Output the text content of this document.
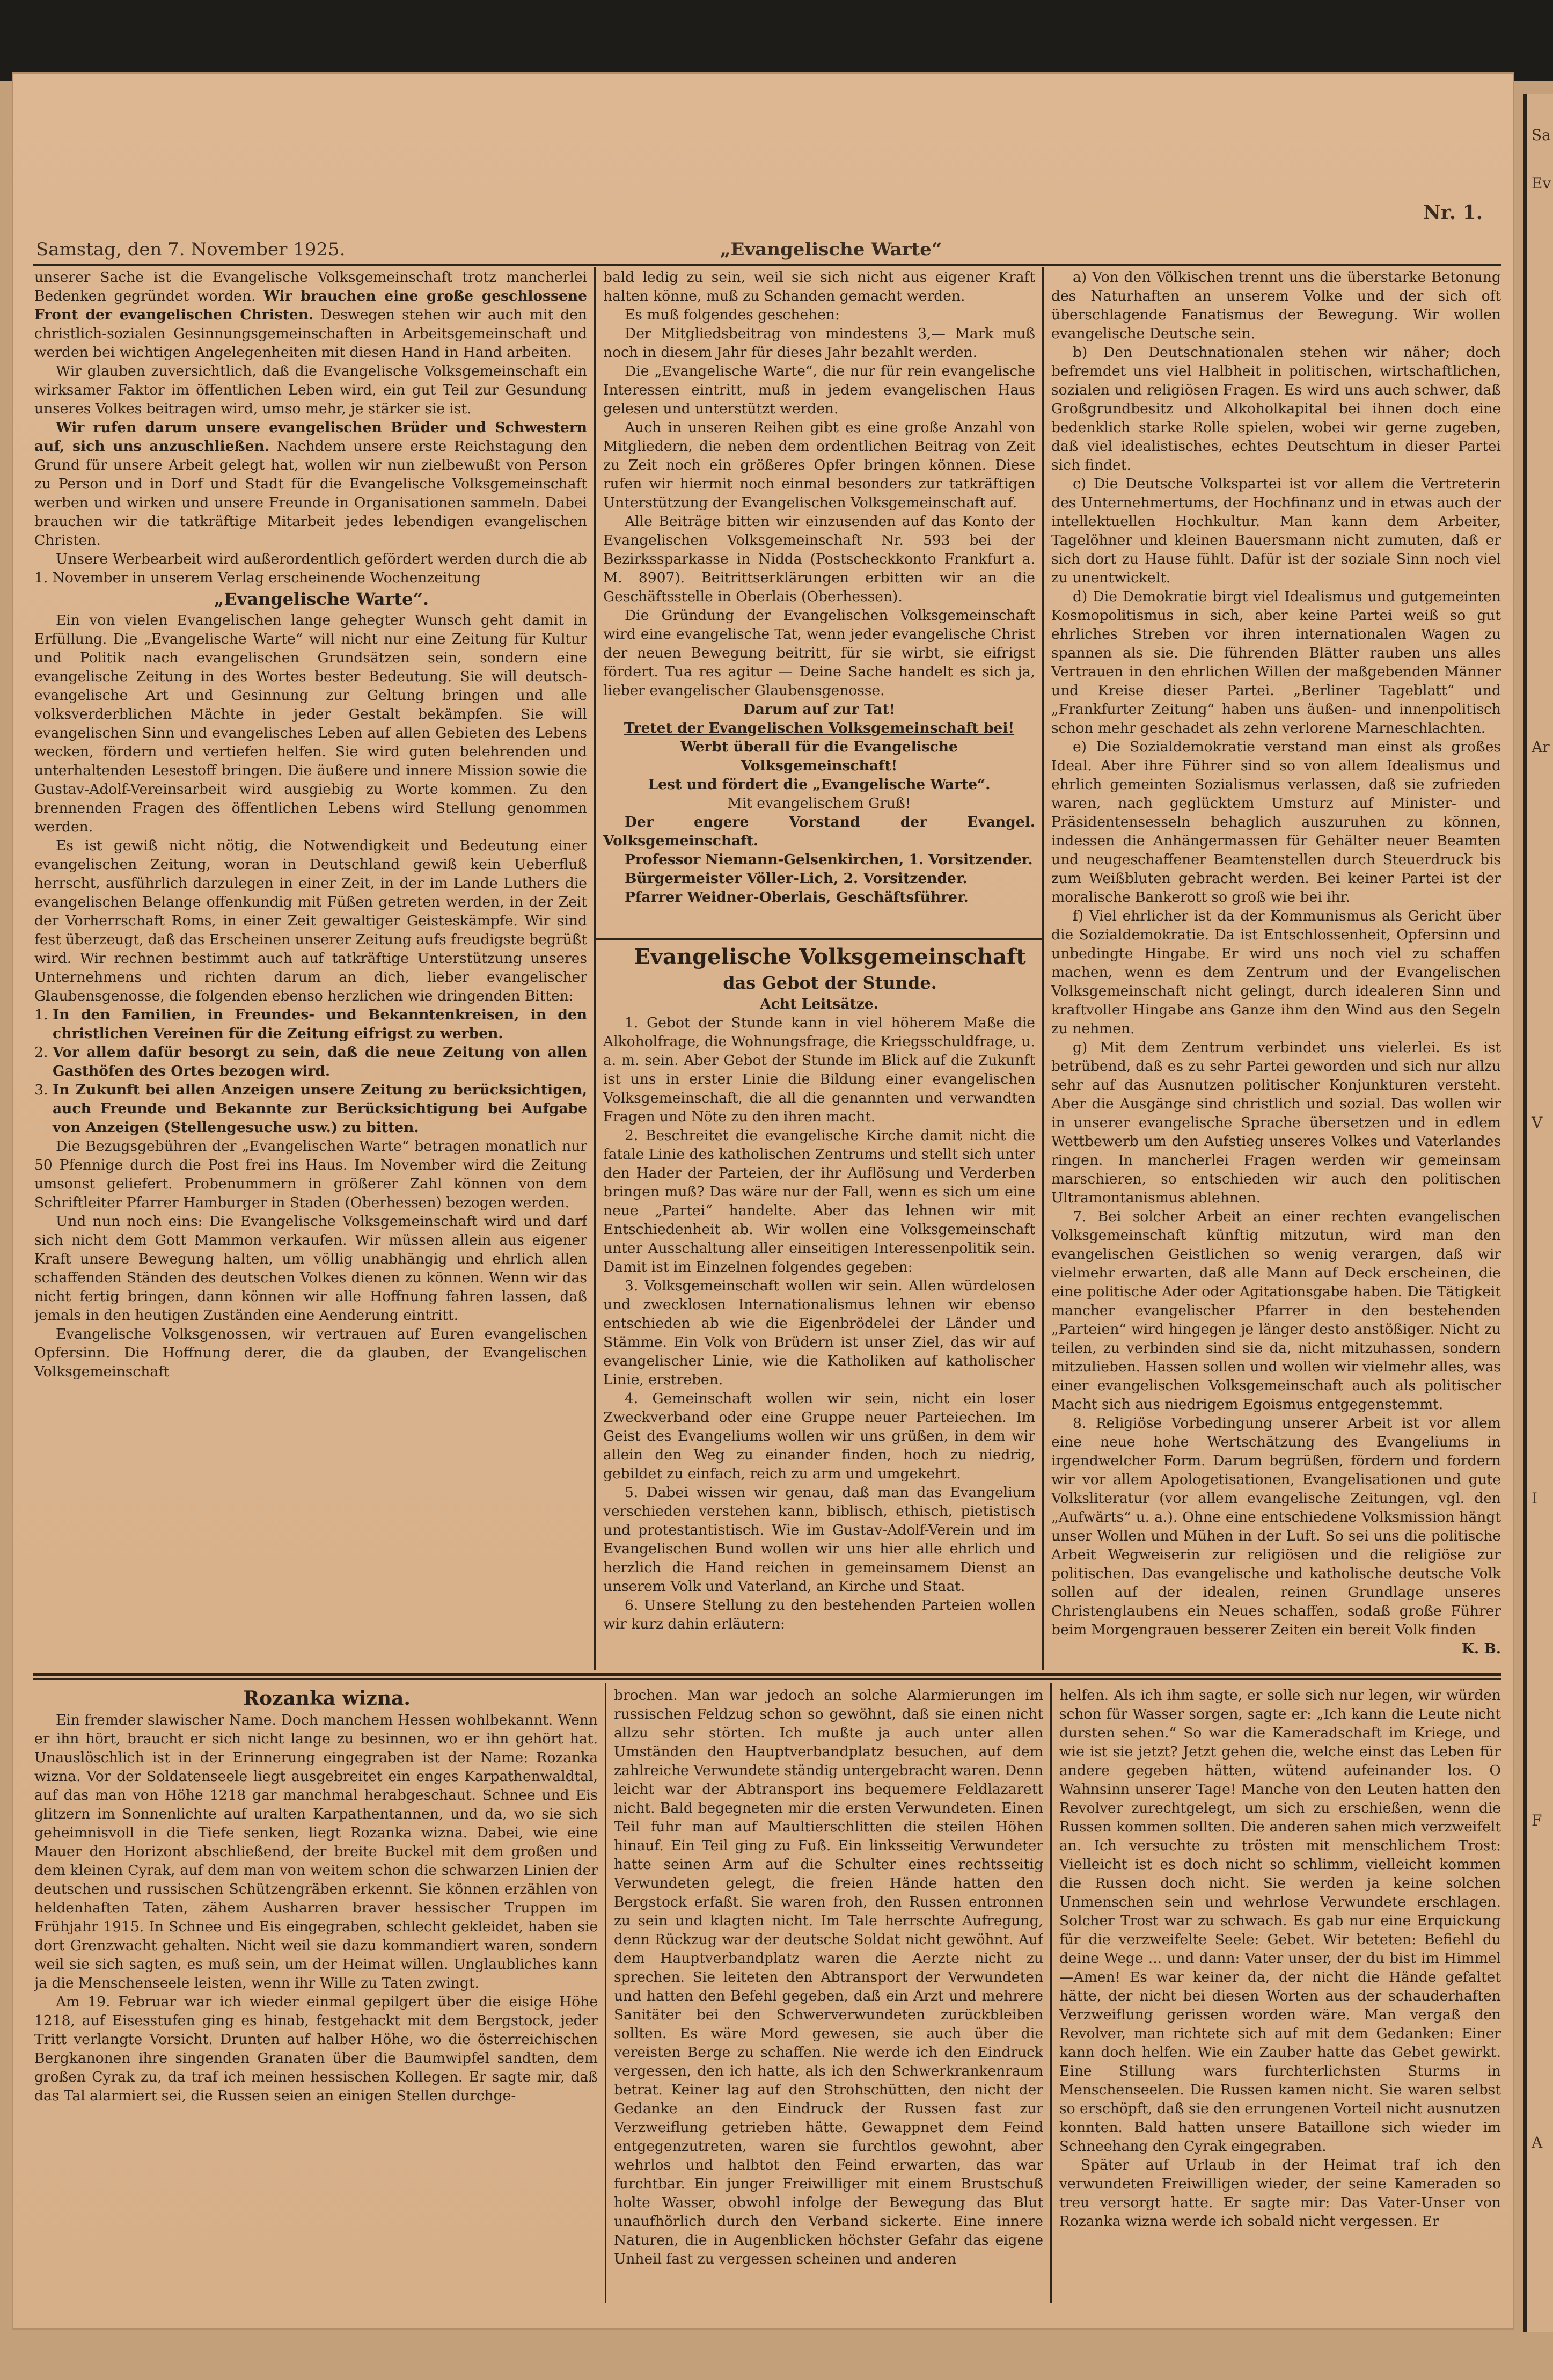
Samstag, den 7. November 1925.	„Evangelische Warte“
Nr. 1.

unserer Sache ist die Evangelische Volksgemeinschaft trotz mancherlei Bedenken gegründet worden. Wir brauchen eine große geschlossene Front der evangelischen Christen. Deswegen stehen wir auch mit den christlich-sozialen Gesinnungsgemeinschaften in Arbeitsgemeinschaft und werden bei wichtigen Angelegenheiten mit diesen Hand in Hand arbeiten.

Wir glauben zuversichtlich, daß die Evangelische Volksgemeinschaft ein wirksamer Faktor im öffentlichen Leben wird, ein gut Teil zur Gesundung unseres Volkes beitragen wird, umso mehr, je stärker sie ist.

Wir rufen darum unsere evangelischen Brüder und Schwestern auf, sich uns anzuschließen. Nachdem unsere erste Reichstagung den Grund für unsere Arbeit gelegt hat, wollen wir nun zielbewußt von Person zu Person und in Dorf und Stadt für die Evangelische Volksgemeinschaft werben und wirken und unsere Freunde in Organisationen sammeln. Dabei brauchen wir die tatkräftige Mitarbeit jedes lebendigen evangelischen Christen.

Unsere Werbearbeit wird außerordentlich gefördert werden durch die ab 1. November in unserem Verlag erscheinende Wochenzeitung

„Evangelische Warte“.

Ein von vielen Evangelischen lange gehegter Wunsch geht damit in Erfüllung. Die „Evangelische Warte“ will nicht nur eine Zeitung für Kultur und Politik nach evangelischen Grundsätzen sein, sondern eine evangelische Zeitung in des Wortes bester Bedeutung. Sie will deutsch-evangelische Art und Gesinnung zur Geltung bringen und alle volksverderblichen Mächte in jeder Gestalt bekämpfen. Sie will evangelischen Sinn und evangelisches Leben auf allen Gebieten des Lebens wecken, fördern und vertiefen helfen. Sie wird guten belehrenden und unterhaltenden Lesestoff bringen. Die äußere und innere Mission sowie die Gustav-Adolf-Vereinsarbeit wird ausgiebig zu Worte kommen. Zu den brennenden Fragen des öffentlichen Lebens wird Stellung genommen werden.

Es ist gewiß nicht nötig, die Notwendigkeit und Bedeutung einer evangelischen Zeitung, woran in Deutschland gewiß kein Ueberfluß herrscht, ausführlich darzulegen in einer Zeit, in der im Lande Luthers die evangelischen Belange offenkundig mit Füßen getreten werden, in der Zeit der Vorherrschaft Roms, in einer Zeit gewaltiger Geisteskämpfe. Wir sind fest überzeugt, daß das Erscheinen unserer Zeitung aufs freudigste begrüßt wird. Wir rechnen bestimmt auch auf tatkräftige Unterstützung unseres Unternehmens und richten darum an dich, lieber evangelischer Glaubensgenosse, die folgenden ebenso herzlichen wie dringenden Bitten:

1. In den Familien, in Freundes- und Bekanntenkreisen, in den christlichen Vereinen für die Zeitung eifrigst zu werben.
2. Vor allem dafür besorgt zu sein, daß die neue Zeitung von allen Gasthöfen des Ortes bezogen wird.
3. In Zukunft bei allen Anzeigen unsere Zeitung zu berücksichtigen, auch Freunde und Bekannte zur Berücksichtigung bei Aufgabe von Anzeigen (Stellengesuche usw.) zu bitten.

Die Bezugsgebühren der „Evangelischen Warte“ betragen monatlich nur 50 Pfennige durch die Post frei ins Haus. Im November wird die Zeitung umsonst geliefert. Probenummern in größerer Zahl können von dem Schriftleiter Pfarrer Hamburger in Staden (Oberhessen) bezogen werden.

Und nun noch eins: Die Evangelische Volksgemeinschaft wird und darf sich nicht dem Gott Mammon verkaufen. Wir müssen allein aus eigener Kraft unsere Bewegung halten, um völlig unabhängig und ehrlich allen schaffenden Ständen des deutschen Volkes dienen zu können. Wenn wir das nicht fertig bringen, dann können wir alle Hoffnung fahren lassen, daß jemals in den heutigen Zuständen eine Aenderung eintritt.

Evangelische Volksgenossen, wir vertrauen auf Euren evangelischen Opfersinn. Die Hoffnung derer, die da glauben, der Evangelischen Volksgemeinschaft

bald ledig zu sein, weil sie sich nicht aus eigener Kraft halten könne, muß zu Schanden gemacht werden.

Es muß folgendes geschehen:

Der Mitgliedsbeitrag von mindestens 3,— Mark muß noch in diesem Jahr für dieses Jahr bezahlt werden.

Die „Evangelische Warte“, die nur für rein evangelische Interessen eintritt, muß in jedem evangelischen Haus gelesen und unterstützt werden.

Auch in unseren Reihen gibt es eine große Anzahl von Mitgliedern, die neben dem ordentlichen Beitrag von Zeit zu Zeit noch ein größeres Opfer bringen können. Diese rufen wir hiermit noch einmal besonders zur tatkräftigen Unterstützung der Evangelischen Volksgemeinschaft auf.

Alle Beiträge bitten wir einzusenden auf das Konto der Evangelischen Volksgemeinschaft Nr. 593 bei der Bezirkssparkasse in Nidda (Postscheckkonto Frankfurt a. M. 8907). Beitrittserklärungen erbitten wir an die Geschäftsstelle in Oberlais (Oberhessen).

Die Gründung der Evangelischen Volksgemeinschaft wird eine evangelische Tat, wenn jeder evangelische Christ der neuen Bewegung beitritt, für sie wirbt, sie eifrigst fördert. Tua res agitur — Deine Sache handelt es sich ja, lieber evangelischer Glaubensgenosse.

Darum auf zur Tat!

Tretet der Evangelischen Volksgemeinschaft bei!

Werbt überall für die Evangelische Volksgemeinschaft!

Lest und fördert die „Evangelische Warte“.

Mit evangelischem Gruß!

Der engere Vorstand der Evangel. Volksgemeinschaft.

Professor Niemann-Gelsenkirchen, 1. Vorsitzender.

Bürgermeister Völler-Lich, 2. Vorsitzender.

Pfarrer Weidner-Oberlais, Geschäftsführer.

Evangelische Volksgemeinschaft

das Gebot der Stunde.

Acht Leitsätze.

1. Gebot der Stunde kann in viel höherem Maße die Alkoholfrage, die Wohnungsfrage, die Kriegsschuldfrage, u. a. m. sein. Aber Gebot der Stunde im Blick auf die Zukunft ist uns in erster Linie die Bildung einer evangelischen Volksgemeinschaft, die all die genannten und verwandten Fragen und Nöte zu den ihren macht.

2. Beschreitet die evangelische Kirche damit nicht die fatale Linie des katholischen Zentrums und stellt sich unter den Hader der Parteien, der ihr Auflösung und Verderben bringen muß? Das wäre nur der Fall, wenn es sich um eine neue „Partei“ handelte. Aber das lehnen wir mit Entschiedenheit ab. Wir wollen eine Volksgemeinschaft unter Ausschaltung aller einseitigen Interessenpolitik sein. Damit ist im Einzelnen folgendes gegeben:

3. Volksgemeinschaft wollen wir sein. Allen würdelosen und zwecklosen Internationalismus lehnen wir ebenso entschieden ab wie die Eigenbrödelei der Länder und Stämme. Ein Volk von Brüdern ist unser Ziel, das wir auf evangelischer Linie, wie die Katholiken auf katholischer Linie, erstreben.

4. Gemeinschaft wollen wir sein, nicht ein loser Zweckverband oder eine Gruppe neuer Parteiechen. Im Geist des Evangeliums wollen wir uns grüßen, in dem wir allein den Weg zu einander finden, hoch zu niedrig, gebildet zu einfach, reich zu arm und umgekehrt.

5. Dabei wissen wir genau, daß man das Evangelium verschieden verstehen kann, biblisch, ethisch, pietistisch und protestantistisch. Wie im Gustav-Adolf-Verein und im Evangelischen Bund wollen wir uns hier alle ehrlich und herzlich die Hand reichen in gemeinsamem Dienst an unserem Volk und Vaterland, an Kirche und Staat.

6. Unsere Stellung zu den bestehenden Parteien wollen wir kurz dahin erläutern:

a) Von den Völkischen trennt uns die überstarke Betonung des Naturhaften an unserem Volke und der sich oft überschlagende Fanatismus der Bewegung. Wir wollen evangelische Deutsche sein.

b) Den Deutschnationalen stehen wir näher; doch befremdet uns viel Halbheit in politischen, wirtschaftlichen, sozialen und religiösen Fragen. Es wird uns auch schwer, daß Großgrundbesitz und Alkoholkapital bei ihnen doch eine bedenklich starke Rolle spielen, wobei wir gerne zugeben, daß viel idealistisches, echtes Deutschtum in dieser Partei sich findet.

c) Die Deutsche Volkspartei ist vor allem die Vertreterin des Unternehmertums, der Hochfinanz und in etwas auch der intellektuellen Hochkultur. Man kann dem Arbeiter, Tagelöhner und kleinen Bauersmann nicht zumuten, daß er sich dort zu Hause fühlt. Dafür ist der soziale Sinn noch viel zu unentwickelt.

d) Die Demokratie birgt viel Idealismus und gutgemeinten Kosmopolitismus in sich, aber keine Partei weiß so gut ehrliches Streben vor ihren internationalen Wagen zu spannen als sie. Die führenden Blätter rauben uns alles Vertrauen in den ehrlichen Willen der maßgebenden Männer und Kreise dieser Partei. „Berliner Tageblatt“ und „Frankfurter Zeitung“ haben uns äußen- und innenpolitisch schon mehr geschadet als zehn verlorene Marneschlachten.

e) Die Sozialdemokratie verstand man einst als großes Ideal. Aber ihre Führer sind so von allem Idealismus und ehrlich gemeinten Sozialismus verlassen, daß sie zufrieden waren, nach geglücktem Umsturz auf Minister- und Präsidentensesseln behaglich auszuruhen zu können, indessen die Anhängermassen für Gehälter neuer Beamten und neugeschaffener Beamtenstellen durch Steuerdruck bis zum Weißbluten gebracht werden. Bei keiner Partei ist der moralische Bankerott so groß wie bei ihr.

f) Viel ehrlicher ist da der Kommunismus als Gericht über die Sozialdemokratie. Da ist Entschlossenheit, Opfersinn und unbedingte Hingabe. Er wird uns noch viel zu schaffen machen, wenn es dem Zentrum und der Evangelischen Volksgemeinschaft nicht gelingt, durch idealeren Sinn und kraftvoller Hingabe ans Ganze ihm den Wind aus den Segeln zu nehmen.

g) Mit dem Zentrum verbindet uns vielerlei. Es ist betrübend, daß es zu sehr Partei geworden und sich nur allzu sehr auf das Ausnutzen politischer Konjunkturen versteht. Aber die Ausgänge sind christlich und sozial. Das wollen wir in unserer evangelische Sprache übersetzen und in edlem Wettbewerb um den Aufstieg unseres Volkes und Vaterlandes ringen. In mancherlei Fragen werden wir gemeinsam marschieren, so entschieden wir auch den politischen Ultramontanismus ablehnen.

7. Bei solcher Arbeit an einer rechten evangelischen Volksgemeinschaft künftig mitzutun, wird man den evangelischen Geistlichen so wenig verargen, daß wir vielmehr erwarten, daß alle Mann auf Deck erscheinen, die eine politische Ader oder Agitationsgabe haben. Die Tätigkeit mancher evangelischer Pfarrer in den bestehenden „Parteien“ wird hingegen je länger desto anstößiger. Nicht zu teilen, zu verbinden sind sie da, nicht mitzuhassen, sondern mitzulieben. Hassen sollen und wollen wir vielmehr alles, was einer evangelischen Volksgemeinschaft auch als politischer Macht sich aus niedrigem Egoismus entgegenstemmt.

8. Religiöse Vorbedingung unserer Arbeit ist vor allem eine neue hohe Wertschätzung des Evangeliums in irgendwelcher Form. Darum begrüßen, fördern und fordern wir vor allem Apologetisationen, Evangelisationen und gute Volksliteratur (vor allem evangelische Zeitungen, vgl. den „Aufwärts“ u. a.). Ohne eine entschiedene Volksmission hängt unser Wollen und Mühen in der Luft. So sei uns die politische Arbeit Wegweiserin zur religiösen und die religiöse zur politischen. Das evangelische und katholische deutsche Volk sollen auf der idealen, reinen Grundlage unseres Christenglaubens ein Neues schaffen, sodaß große Führer beim Morgengrauen besserer Zeiten ein bereit Volk finden
K. B.

Rozanka wizna.

Ein fremder slawischer Name. Doch manchem Hessen wohlbekannt. Wenn er ihn hört, braucht er sich nicht lange zu besinnen, wo er ihn gehört hat. Unauslöschlich ist in der Erinnerung eingegraben ist der Name: Rozanka wizna. Vor der Soldatenseele liegt ausgebreitet ein enges Karpathenwaldtal, auf das man von Höhe 1218 gar manchmal herabgeschaut. Schnee und Eis glitzern im Sonnenlichte auf uralten Karpathentannen, und da, wo sie sich geheimnisvoll in die Tiefe senken, liegt Rozanka wizna. Dabei, wie eine Mauer den Horizont abschließend, der breite Buckel mit dem großen und dem kleinen Cyrak, auf dem man von weitem schon die schwarzen Linien der deutschen und russischen Schützengräben erkennt. Sie können erzählen von heldenhaften Taten, zähem Ausharren braver hessischer Truppen im Frühjahr 1915. In Schnee und Eis eingegraben, schlecht gekleidet, haben sie dort Grenzwacht gehalten. Nicht weil sie dazu kommandiert waren, sondern weil sie sich sagten, es muß sein, um der Heimat willen. Unglaubliches kann ja die Menschenseele leisten, wenn ihr Wille zu Taten zwingt.

Am 19. Februar war ich wieder einmal gepilgert über die eisige Höhe 1218, auf Eisesstufen ging es hinab, festgehackt mit dem Bergstock, jeder Tritt verlangte Vorsicht. Drunten auf halber Höhe, wo die österreichischen Bergkanonen ihre singenden Granaten über die Baumwipfel sandten, dem großen Cyrak zu, da traf ich meinen hessischen Kollegen. Er sagte mir, daß das Tal alarmiert sei, die Russen seien an einigen Stellen durchge-

brochen. Man war jedoch an solche Alarmierungen im russischen Feldzug schon so gewöhnt, daß sie einen nicht allzu sehr störten. Ich mußte ja auch unter allen Umständen den Hauptverbandplatz besuchen, auf dem zahlreiche Verwundete ständig untergebracht waren. Denn leicht war der Abtransport ins bequemere Feldlazarett nicht. Bald begegneten mir die ersten Verwundeten. Einen Teil fuhr man auf Maultierschlitten die steilen Höhen hinauf. Ein Teil ging zu Fuß. Ein linksseitig Verwundeter hatte seinen Arm auf die Schulter eines rechtsseitig Verwundeten gelegt, die freien Hände hatten den Bergstock erfaßt. Sie waren froh, den Russen entronnen zu sein und klagten nicht. Im Tale herrschte Aufregung, denn Rückzug war der deutsche Soldat nicht gewöhnt. Auf dem Hauptverbandplatz waren die Aerzte nicht zu sprechen. Sie leiteten den Abtransport der Verwundeten und hatten den Befehl gegeben, daß ein Arzt und mehrere Sanitäter bei den Schwerverwundeten zurückbleiben sollten. Es wäre Mord gewesen, sie auch über die vereisten Berge zu schaffen. Nie werde ich den Eindruck vergessen, den ich hatte, als ich den Schwerkrankenraum betrat. Keiner lag auf den Strohschütten, den nicht der Gedanke an den Eindruck der Russen fast zur Verzweiflung getrieben hätte. Gewappnet dem Feind entgegenzutreten, waren sie furchtlos gewohnt, aber wehrlos und halbtot den Feind erwarten, das war furchtbar. Ein junger Freiwilliger mit einem Brustschuß holte Wasser, obwohl infolge der Bewegung das Blut unaufhörlich durch den Verband sickerte. Eine innere Naturen, die in Augenblicken höchster Gefahr das eigene Unheil fast zu vergessen scheinen und anderen

helfen. Als ich ihm sagte, er solle sich nur legen, wir würden schon für Wasser sorgen, sagte er: „Ich kann die Leute nicht dursten sehen.“ So war die Kameradschaft im Kriege, und wie ist sie jetzt? Jetzt gehen die, welche einst das Leben für andere gegeben hätten, wütend aufeinander los. O Wahnsinn unserer Tage! Manche von den Leuten hatten den Revolver zurechtgelegt, um sich zu erschießen, wenn die Russen kommen sollten. Die anderen sahen mich verzweifelt an. Ich versuchte zu trösten mit menschlichem Trost: Vielleicht ist es doch nicht so schlimm, vielleicht kommen die Russen doch nicht. Sie werden ja keine solchen Unmenschen sein und wehrlose Verwundete erschlagen. Solcher Trost war zu schwach. Es gab nur eine Erquickung für die verzweifelte Seele: Gebet. Wir beteten: Befiehl du deine Wege ... und dann: Vater unser, der du bist im Himmel —Amen! Es war keiner da, der nicht die Hände gefaltet hätte, der nicht bei diesen Worten aus der schauderhaften Verzweiflung gerissen worden wäre. Man vergaß den Revolver, man richtete sich auf mit dem Gedanken: Einer kann doch helfen. Wie ein Zauber hatte das Gebet gewirkt. Eine Stillung wars furchterlichsten Sturms in Menschenseelen. Die Russen kamen nicht. Sie waren selbst so erschöpft, daß sie den errungenen Vorteil nicht ausnutzen konnten. Bald hatten unsere Bataillone sich wieder im Schneehang den Cyrak eingegraben.

Später auf Urlaub in der Heimat traf ich den verwundeten Freiwilligen wieder, der seine Kameraden so treu versorgt hatte. Er sagte mir: Das Vater-Unser von Rozanka wizna werde ich sobald nicht vergessen. Er

Sa
Ev
Ar
V
I
F
A
